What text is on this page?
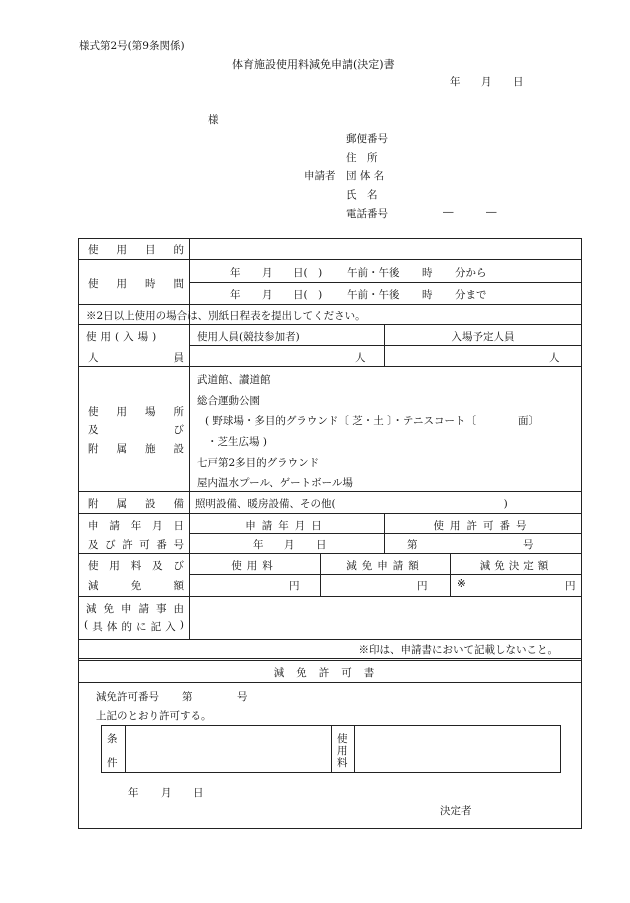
様式第2号(第9条関係)
体育施設使用料減免申請(決定)書
年 月 日
様
郵便番号
住　所
申請者 団 体 名
氏　名
電話番号	―	―
使 用 目 的
使 用 時 間
年 月 日(　) 午前・午後 時 分から
年 月 日(　) 午前・午後 時 分まで
※2日以上使用の場合は、別紙日程表を提出してください。
使用(入場)
人	員
使用人員(競技参加者)	入場予定人員
人	人
使 用 場 所
及	び
附 属 施 設
武道館、讃道館
総合運動公園
( 野球場・多目的グラウンド〔 芝・土 〕・テニスコート〔　　　　面〕
・芝生広場 )
七戸第2多目的グラウンド
屋内温水プール、ゲートボール場
附 属 設 備 照明設備、暖房設備、その他(　　　　　　　　　　　　　　　　)
申 請 年 月 日
及 び 許 可 番 号
申請年月日	使用許可番号
年 月 日	第	号
使 用 料 及 び
減	免	額
使用料	減免申請額	減免決定額
円	円	※	円
減 免 申 請 事 由
( 具 体 的 に 記 入 )
※印は、申請書において記載しないこと。
減免許可書
減免許可番号 第	号
上記のとおり許可する。
条
件
使
用
料
年 月 日
決定者
